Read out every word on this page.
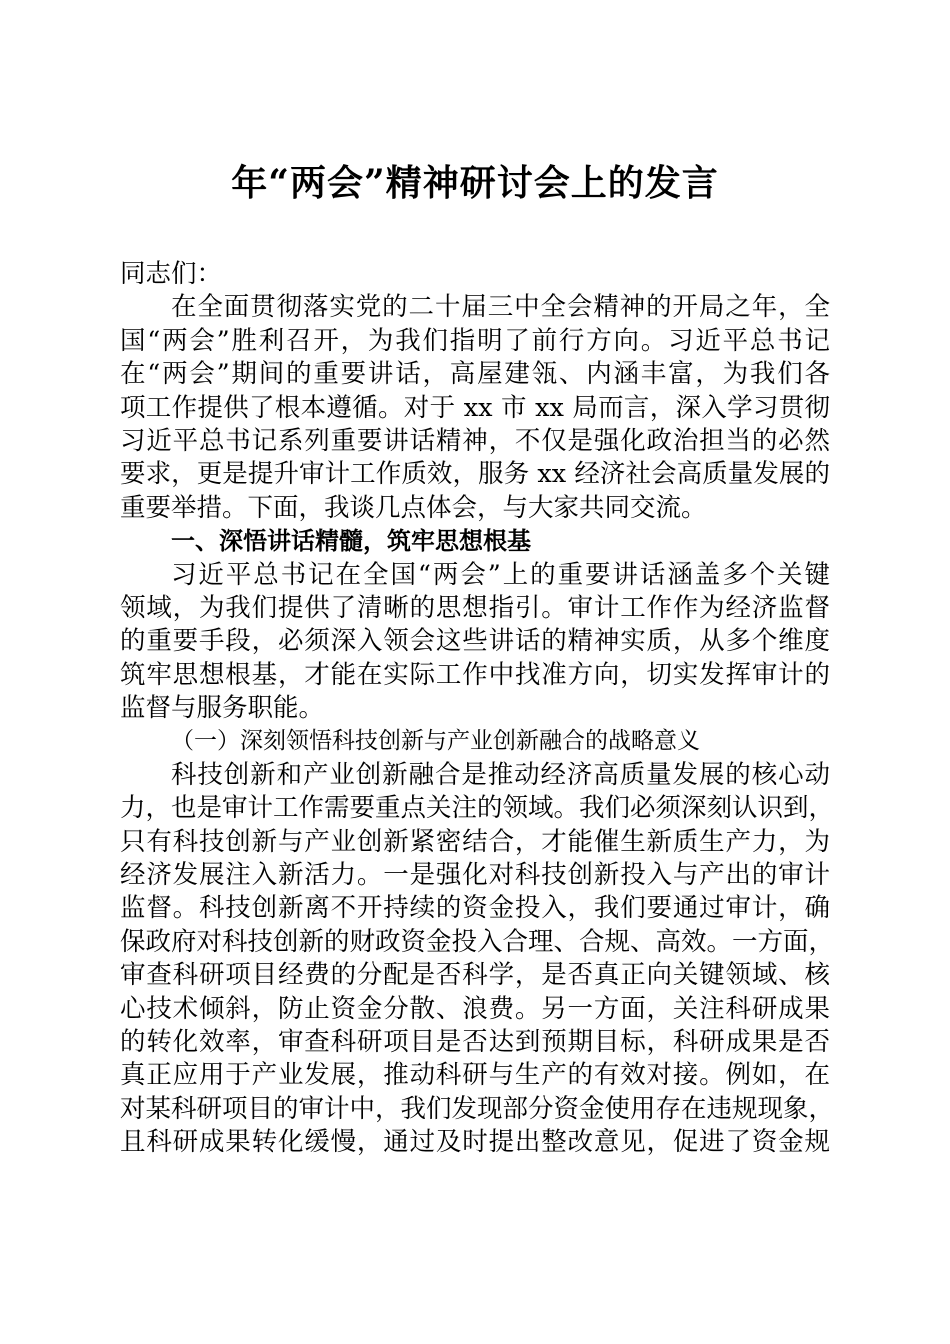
年“两会”精神研讨会上的发言
同志们：
在全面贯彻落实党的二十届三中全会精神的开局之年，全
国“两会”胜利召开，为我们指明了前行方向。习近平总书记
在“两会”期间的重要讲话，高屋建瓴、内涵丰富，为我们各
项工作提供了根本遵循。对于 xx 市 xx 局而言，深入学习贯彻
习近平总书记系列重要讲话精神，不仅是强化政治担当的必然
要求，更是提升审计工作质效，服务 xx 经济社会高质量发展的
重要举措。下面，我谈几点体会，与大家共同交流。
一、深悟讲话精髓，筑牢思想根基
习近平总书记在全国“两会”上的重要讲话涵盖多个关键
领域，为我们提供了清晰的思想指引。审计工作作为经济监督
的重要手段，必须深入领会这些讲话的精神实质，从多个维度
筑牢思想根基，才能在实际工作中找准方向，切实发挥审计的
监督与服务职能。
（一）深刻领悟科技创新与产业创新融合的战略意义
科技创新和产业创新融合是推动经济高质量发展的核心动
力，也是审计工作需要重点关注的领域。我们必须深刻认识到，
只有科技创新与产业创新紧密结合，才能催生新质生产力，为
经济发展注入新活力。一是强化对科技创新投入与产出的审计
监督。科技创新离不开持续的资金投入，我们要通过审计，确
保政府对科技创新的财政资金投入合理、合规、高效。一方面，
审查科研项目经费的分配是否科学，是否真正向关键领域、核
心技术倾斜，防止资金分散、浪费。另一方面，关注科研成果
的转化效率，审查科研项目是否达到预期目标，科研成果是否
真正应用于产业发展，推动科研与生产的有效对接。例如，在
对某科研项目的审计中，我们发现部分资金使用存在违规现象，
且科研成果转化缓慢，通过及时提出整改意见，促进了资金规
